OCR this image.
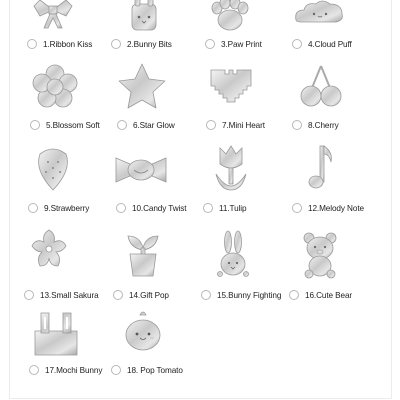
1.Ribbon Kiss	2.Bunny Bits	3.Paw Print	4.Cloud Puff
5.Blossom Soft	6.Star Glow	7.Mini Heart	8.Cherry
9.Strawberry	10.Candy Twist	11.Tulip	12.Melody Note
13.Small Sakura	14.Gift Pop	15.Bunny Fighting	16.Cute Bear
17.Mochi Bunny	18. Pop Tomato
